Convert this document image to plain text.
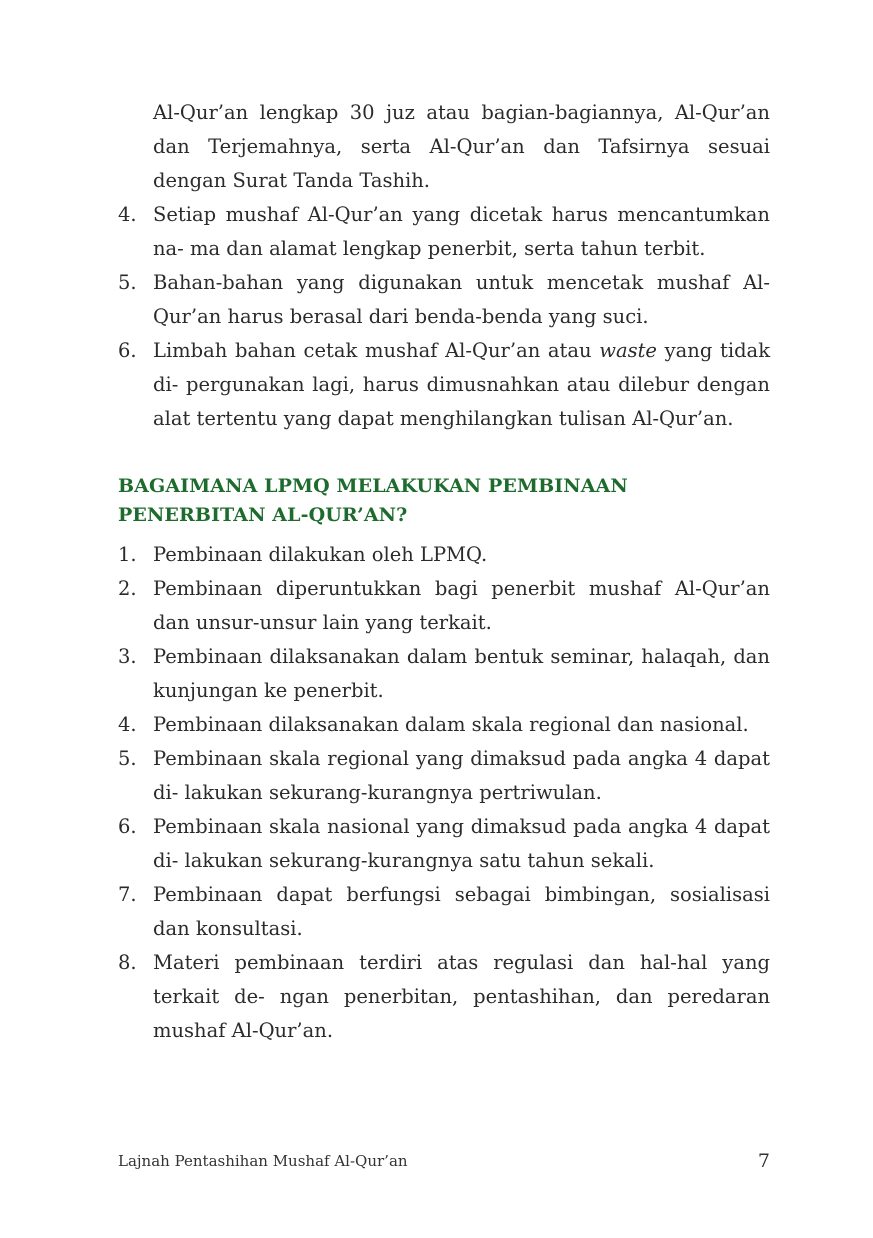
Al-Qur’an lengkap 30 juz atau bagian-bagiannya, Al-Qur’an dan Terjemahnya, serta Al-Qur’an dan Tafsirnya sesuai dengan Surat Tanda Tashih.

4. Setiap mushaf Al-Qur’an yang dicetak harus mencantumkan na- ma dan alamat lengkap penerbit, serta tahun terbit.
5. Bahan-bahan yang digunakan untuk mencetak mushaf Al-Qur’an harus berasal dari benda-benda yang suci.
6. Limbah bahan cetak mushaf Al-Qur’an atau waste yang tidak di- pergunakan lagi, harus dimusnahkan atau dilebur dengan alat tertentu yang dapat menghilangkan tulisan Al-Qur’an.
BAGAIMANA LPMQ MELAKUKAN PEMBINAAN PENERBITAN AL-QUR’AN?
1. Pembinaan dilakukan oleh LPMQ.
2. Pembinaan diperuntukkan bagi penerbit mushaf Al-Qur’an dan unsur-unsur lain yang terkait.
3. Pembinaan dilaksanakan dalam bentuk seminar, halaqah, dan kunjungan ke penerbit.
4. Pembinaan dilaksanakan dalam skala regional dan nasional.
5. Pembinaan skala regional yang dimaksud pada angka 4 dapat di- lakukan sekurang-kurangnya pertriwulan.
6. Pembinaan skala nasional yang dimaksud pada angka 4 dapat di- lakukan sekurang-kurangnya satu tahun sekali.
7. Pembinaan dapat berfungsi sebagai bimbingan, sosialisasi dan konsultasi.
8. Materi pembinaan terdiri atas regulasi dan hal-hal yang terkait de- ngan penerbitan, pentashihan, dan peredaran mushaf Al-Qur’an.
Lajnah Pentashihan Mushaf Al-Qur’an	7
